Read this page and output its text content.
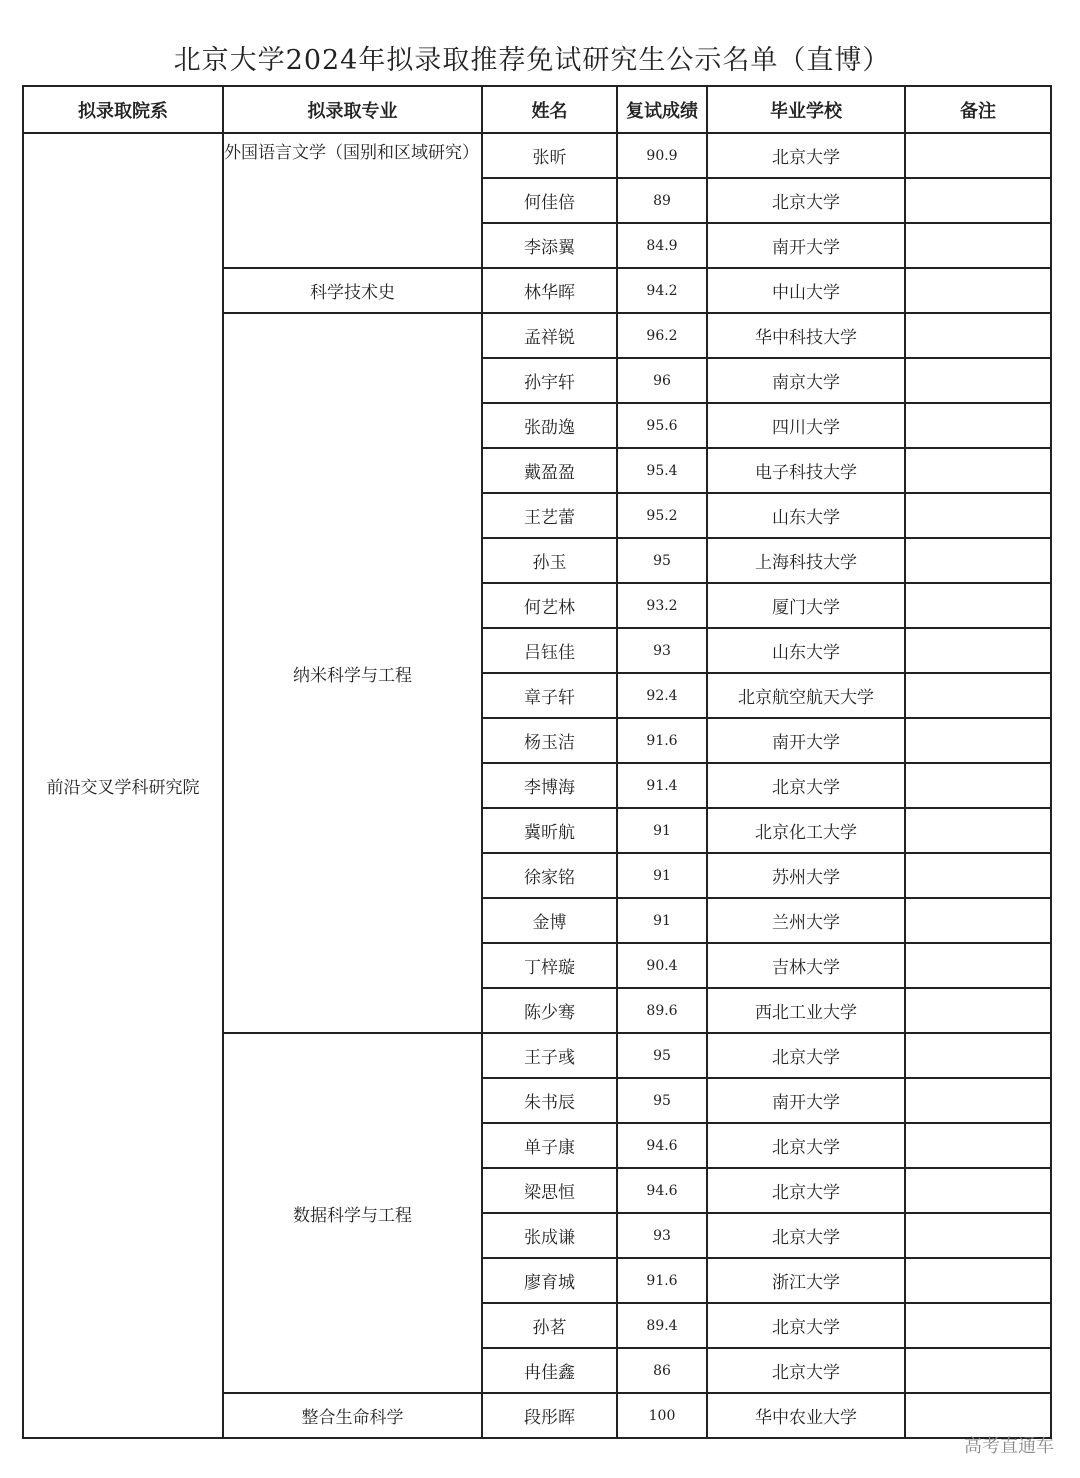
北京大学2024年拟录取推荐免试研究生公示名单（直博）
拟录取院系	拟录取专业	姓名	复试成绩	毕业学校	备注
前沿交叉学科研究院	外国语言文学（国别和区域研究）	张昕	90.9	北京大学	
		何佳倍	89	北京大学	
		李添翼	84.9	南开大学	
	科学技术史	林华晖	94.2	中山大学	
	纳米科学与工程	孟祥锐	96.2	华中科技大学	
		孙宇轩	96	南京大学	
		张劭逸	95.6	四川大学	
		戴盈盈	95.4	电子科技大学	
		王艺蕾	95.2	山东大学	
		孙玉	95	上海科技大学	
		何艺林	93.2	厦门大学	
		吕钰佳	93	山东大学	
		章子轩	92.4	北京航空航天大学	
		杨玉洁	91.6	南开大学	
		李博海	91.4	北京大学	
		冀昕航	91	北京化工大学	
		徐家铭	91	苏州大学	
		金博	91	兰州大学	
		丁梓璇	90.4	吉林大学	
		陈少骞	89.6	西北工业大学	
	数据科学与工程	王子彧	95	北京大学	
		朱书辰	95	南开大学	
		单子康	94.6	北京大学	
		梁思恒	94.6	北京大学	
		张成谦	93	北京大学	
		廖育城	91.6	浙江大学	
		孙茗	89.4	北京大学	
		冉佳鑫	86	北京大学	
	整合生命科学	段彤晖	100	华中农业大学	
高考直通车
